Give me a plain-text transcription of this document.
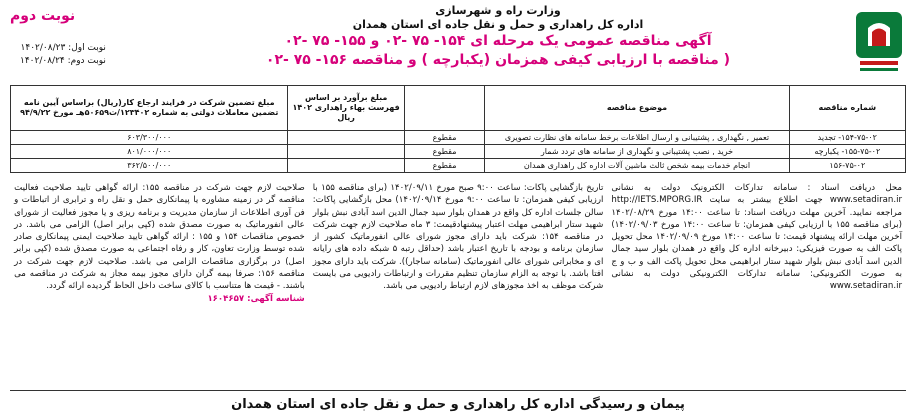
نوبت دوم
نوبت اول: ۱۴۰۲/۰۸/۲۳
نوبت دوم: ۱۴۰۲/۰۸/۲۴
وزارت راه و شهرسازی
اداره کل راهداری و حمل و نقل جاده ای استان همدان
آگهی مناقصه عمومی یک مرحله ای ۱۵۴- ۷۵ -۰۲ و ۱۵۵- ۷۵ -۰۲
( مناقصه با ارزیابی کیفی همزمان (یکبارچه ) و مناقصه ۱۵۶- ۷۵ -۰۲
شماره مناقصه	موضوع مناقصه		مبلغ برآورد بر اساس فهرست بهاء راهداری ۱۴۰۲ ریال	مبلغ تضمین شرکت در فرایند ارجاع کار(ریال) براساس آیین نامه تضمین معاملات دولتی به شماره ۱۲۳۴۰۲/ت۵۰۶۵۹هـ مورخ ۹۴/۹/۲۲
۱۵۴-۷۵-۰۲- تجدید	تعمیر , نگهداری , پشتیبانی و ارسال اطلاعات برخط سامانه های نظارت تصویری	مقطوع		۶۰۳/۳۰۰/۰۰۰
۱۵۵-۷۵-۰۲- یکبارچه	خرید , نصب پشتیبانی و نگهداری از سامانه های تردد شمار	مقطوع		۸۰۱/۰۰۰/۰۰۰
۱۵۶-۷۵-۰۲	انجام خدمات بیمه شخص ثالث ماشین آلات اداره کل راهداری همدان	مقطوع		۳۶۲/۵۰۰/۰۰۰

محل دریافت اسناد : سامانه تدارکات الکترونیک دولت به نشانی www.setadiran.ir جهت اطلاع بیشتر به سایت http://IETS.MPORG.IR مراجعه نمایید. آخرین مهلت دریافت اسناد: تا ساعت ۱۴:۰۰ مورخ ۱۴۰۲/۰۸/۲۹ (برای مناقصه ۱۵۵ با ارزیابی کیفی همزمان: تا ساعت ۱۴:۰۰ مورخ ۱۴۰۲/۰۹/۰۳) آخرین مهلت ارائه پیشنهاد قیمت: تا ساعت ۱۴:۰۰ مورخ ۱۴۰۲/۰۹/۰۹ محل تحویل پاکت الف به صورت فیزیکی: دبیرخانه اداره کل واقع در همدان بلوار سید جمال الدین اسد آبادی نبش بلوار شهید ستار ابراهیمی محل تحویل پاکت الف و ب و ج به صورت الکترونیکی: سامانه تدارکات الکترونیکی دولت به نشانی www.setadiran.ir

تاریخ بازگشایی پاکات: ساعت ۹:۰۰ صبح مورخ ۱۴۰۲/۰۹/۱۱ (برای مناقصه ۱۵۵ با ارزیابی کیفی همزمان: تا ساعت ۹:۰۰ مورخ ۱۴۰۲/۰۹/۱۴) محل بازگشایی پاکات: سالن جلسات اداره کل واقع در همدان بلوار سید جمال الدین اسد آبادی نبش بلوار شهید ستار ابراهیمی مهلت اعتبار پیشنهادقیمت: ۳ ماه صلاحیت لازم جهت شرکت در مناقصه ۱۵۴: شرکت باید دارای مجوز شورای عالی انفورماتیک کشور از سازمان برنامه و بودجه با تاریخ اعتبار باشد (حداقل رتبه ۵ شبکه داده های رایانه ای و مخابراتی شورای عالی انفورماتیک (سامانه ساجار)). شرکت باید دارای مجوز افتا باشد. با توجه به الزام سازمان تنظیم مقررات و ارتباطات رادیویی می بایست شرکت موظف به اخذ مجوزهای لازم ارتباط رادیویی می باشد.

صلاحیت لازم جهت شرکت در مناقصه ۱۵۵: ارائه گواهی تایید صلاحیت فعالیت مناقصه گر در زمینه مشاوره یا پیمانکاری حمل و نقل راه و ترابری از اتباطات و فن آوری اطلاعات از سازمان مدیریت و برنامه ریزی و یا مجوز فعالیت از شورای عالی انفورماتیک به صورت مصدق شده (کپی برابر اصل) الزامی می باشد. در خصوص مناقصات ۱۵۴ و ۱۵۵ : ارائه گواهی تایید صلاحیت ایمنی پیمانکاری صادر شده توسط وزارت تعاون، کار و رفاه اجتماعی به صورت مصدق شده (کپی برابر اصل) در برگزاری مناقصات الزامی می باشد. صلاحیت لازم جهت شرکت در مناقصه ۱۵۶: صرفا بیمه گران دارای مجوز بیمه مجاز به شرکت در مناقصه می باشند. - قیمت ها متناسب با کالای ساخت داخل الحاظ گردیده ارائه گردد.

شناسه آگهی: ۱۶۰۴۶۵۷

پیمان و رسیدگی اداره کل راهداری و حمل و نقل جاده ای استان همدان
